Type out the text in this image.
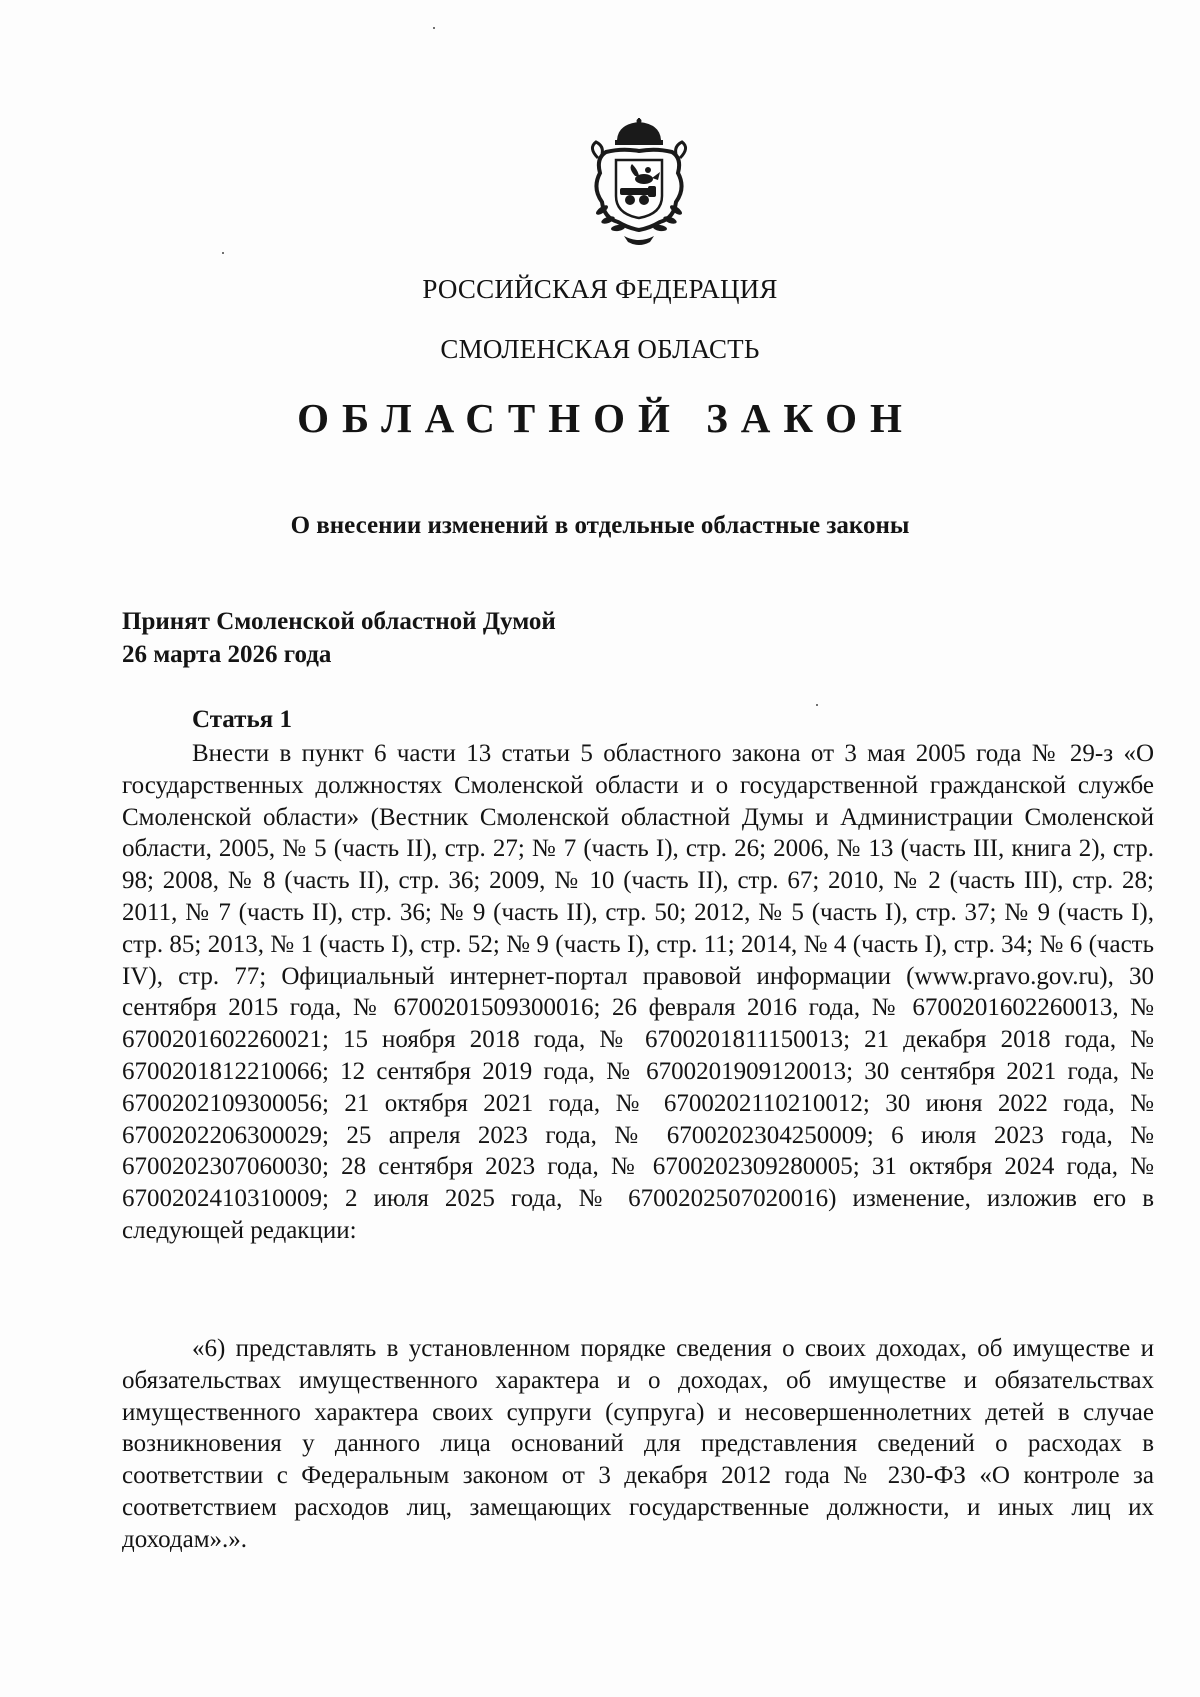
РОССИЙСКАЯ ФЕДЕРАЦИЯ
СМОЛЕНСКАЯ ОБЛАСТЬ
ОБЛАСТНОЙ ЗАКОН
О внесении изменений в отдельные областные законы
Принят Смоленской областной Думой
26 марта 2026 года
Статья 1

Внести в пункт 6 части 13 статьи 5 областного закона от 3 мая 2005 года № 29-з «О государственных должностях Смоленской области и о государственной гражданской службе Смоленской области» (Вестник Смоленской областной Думы и Администрации Смоленской области, 2005, № 5 (часть II), стр. 27; № 7 (часть I), стр. 26; 2006, № 13 (часть III, книга 2), стр. 98; 2008, № 8 (часть II), стр. 36; 2009, № 10 (часть II), стр. 67; 2010, № 2 (часть III), стр. 28; 2011, № 7 (часть II), стр. 36; № 9 (часть II), стр. 50; 2012, № 5 (часть I), стр. 37; № 9 (часть I), стр. 85; 2013, № 1 (часть I), стр. 52; № 9 (часть I), стр. 11; 2014, № 4 (часть I), стр. 34; № 6 (часть IV), стр. 77; Официальный интернет-портал правовой информации (www.pravo.gov.ru), 30 сентября 2015 года, № 6700201509300016; 26 февраля 2016 года, № 6700201602260013, № 6700201602260021; 15 ноября 2018 года, № 6700201811150013; 21 декабря 2018 года, № 6700201812210066; 12 сентября 2019 года, № 6700201909120013; 30 сентября 2021 года, № 6700202109300056; 21 октября 2021 года, № 6700202110210012; 30 июня 2022 года, № 6700202206300029; 25 апреля 2023 года, № 6700202304250009; 6 июля 2023 года, № 6700202307060030; 28 сентября 2023 года, № 6700202309280005; 31 октября 2024 года, № 6700202410310009; 2 июля 2025 года, № 6700202507020016) изменение, изложив его в следующей редакции:

«6) представлять в установленном порядке сведения о своих доходах, об имуществе и обязательствах имущественного характера и о доходах, об имуществе и обязательствах имущественного характера своих супруги (супруга) и несовершеннолетних детей в случае возникновения у данного лица оснований для представления сведений о расходах в соответствии с Федеральным законом от 3 декабря 2012 года № 230-ФЗ «О контроле за соответствием расходов лиц, замещающих государственные должности, и иных лиц их доходам».».
